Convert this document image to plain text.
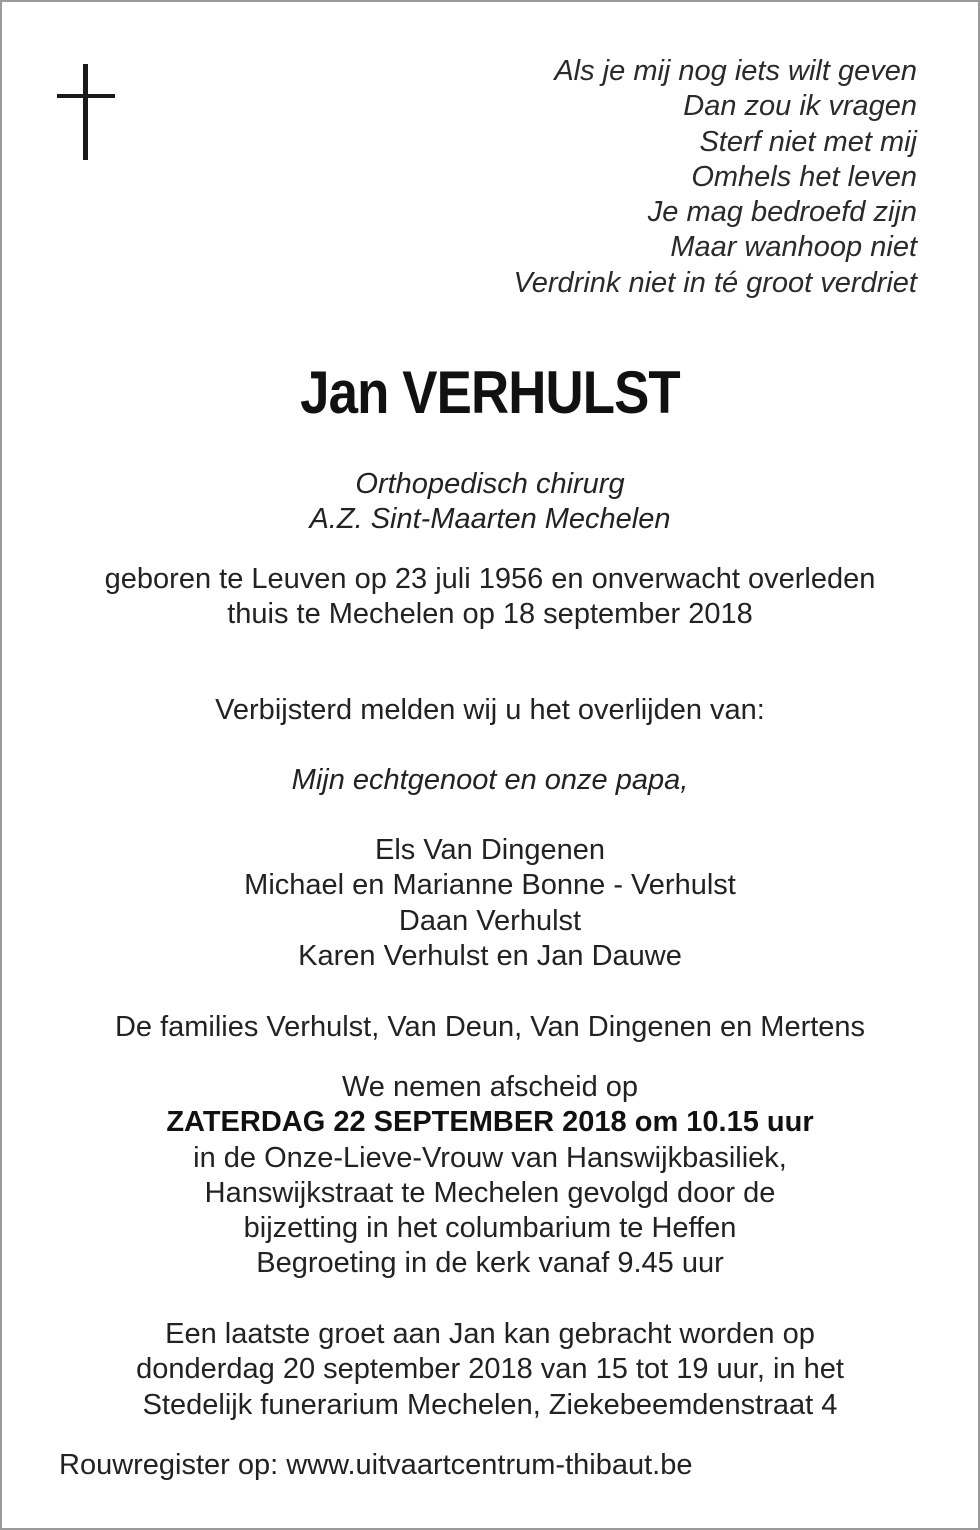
Als je mij nog iets wilt geven
Dan zou ik vragen
Sterf niet met mij
Omhels het leven
Je mag bedroefd zijn
Maar wanhoop niet
Verdrink niet in té groot verdriet
Jan VERHULST
Orthopedisch chirurg
A.Z. Sint-Maarten Mechelen
geboren te Leuven op 23 juli 1956 en onverwacht overleden
thuis te Mechelen op 18 september 2018
Verbijsterd melden wij u het overlijden van:
Mijn echtgenoot en onze papa,
Els Van Dingenen
Michael en Marianne Bonne - Verhulst
Daan Verhulst
Karen Verhulst en Jan Dauwe
De families Verhulst, Van Deun, Van Dingenen en Mertens
We nemen afscheid op
ZATERDAG 22 SEPTEMBER 2018 om 10.15 uur
in de Onze-Lieve-Vrouw van Hanswijkbasiliek,
Hanswijkstraat te Mechelen gevolgd door de
bijzetting in het columbarium te Heffen
Begroeting in de kerk vanaf 9.45 uur
Een laatste groet aan Jan kan gebracht worden op
donderdag 20 september 2018 van 15 tot 19 uur, in het
Stedelijk funerarium Mechelen, Ziekebeemdenstraat 4
Rouwregister op: www.uitvaartcentrum-thibaut.be
